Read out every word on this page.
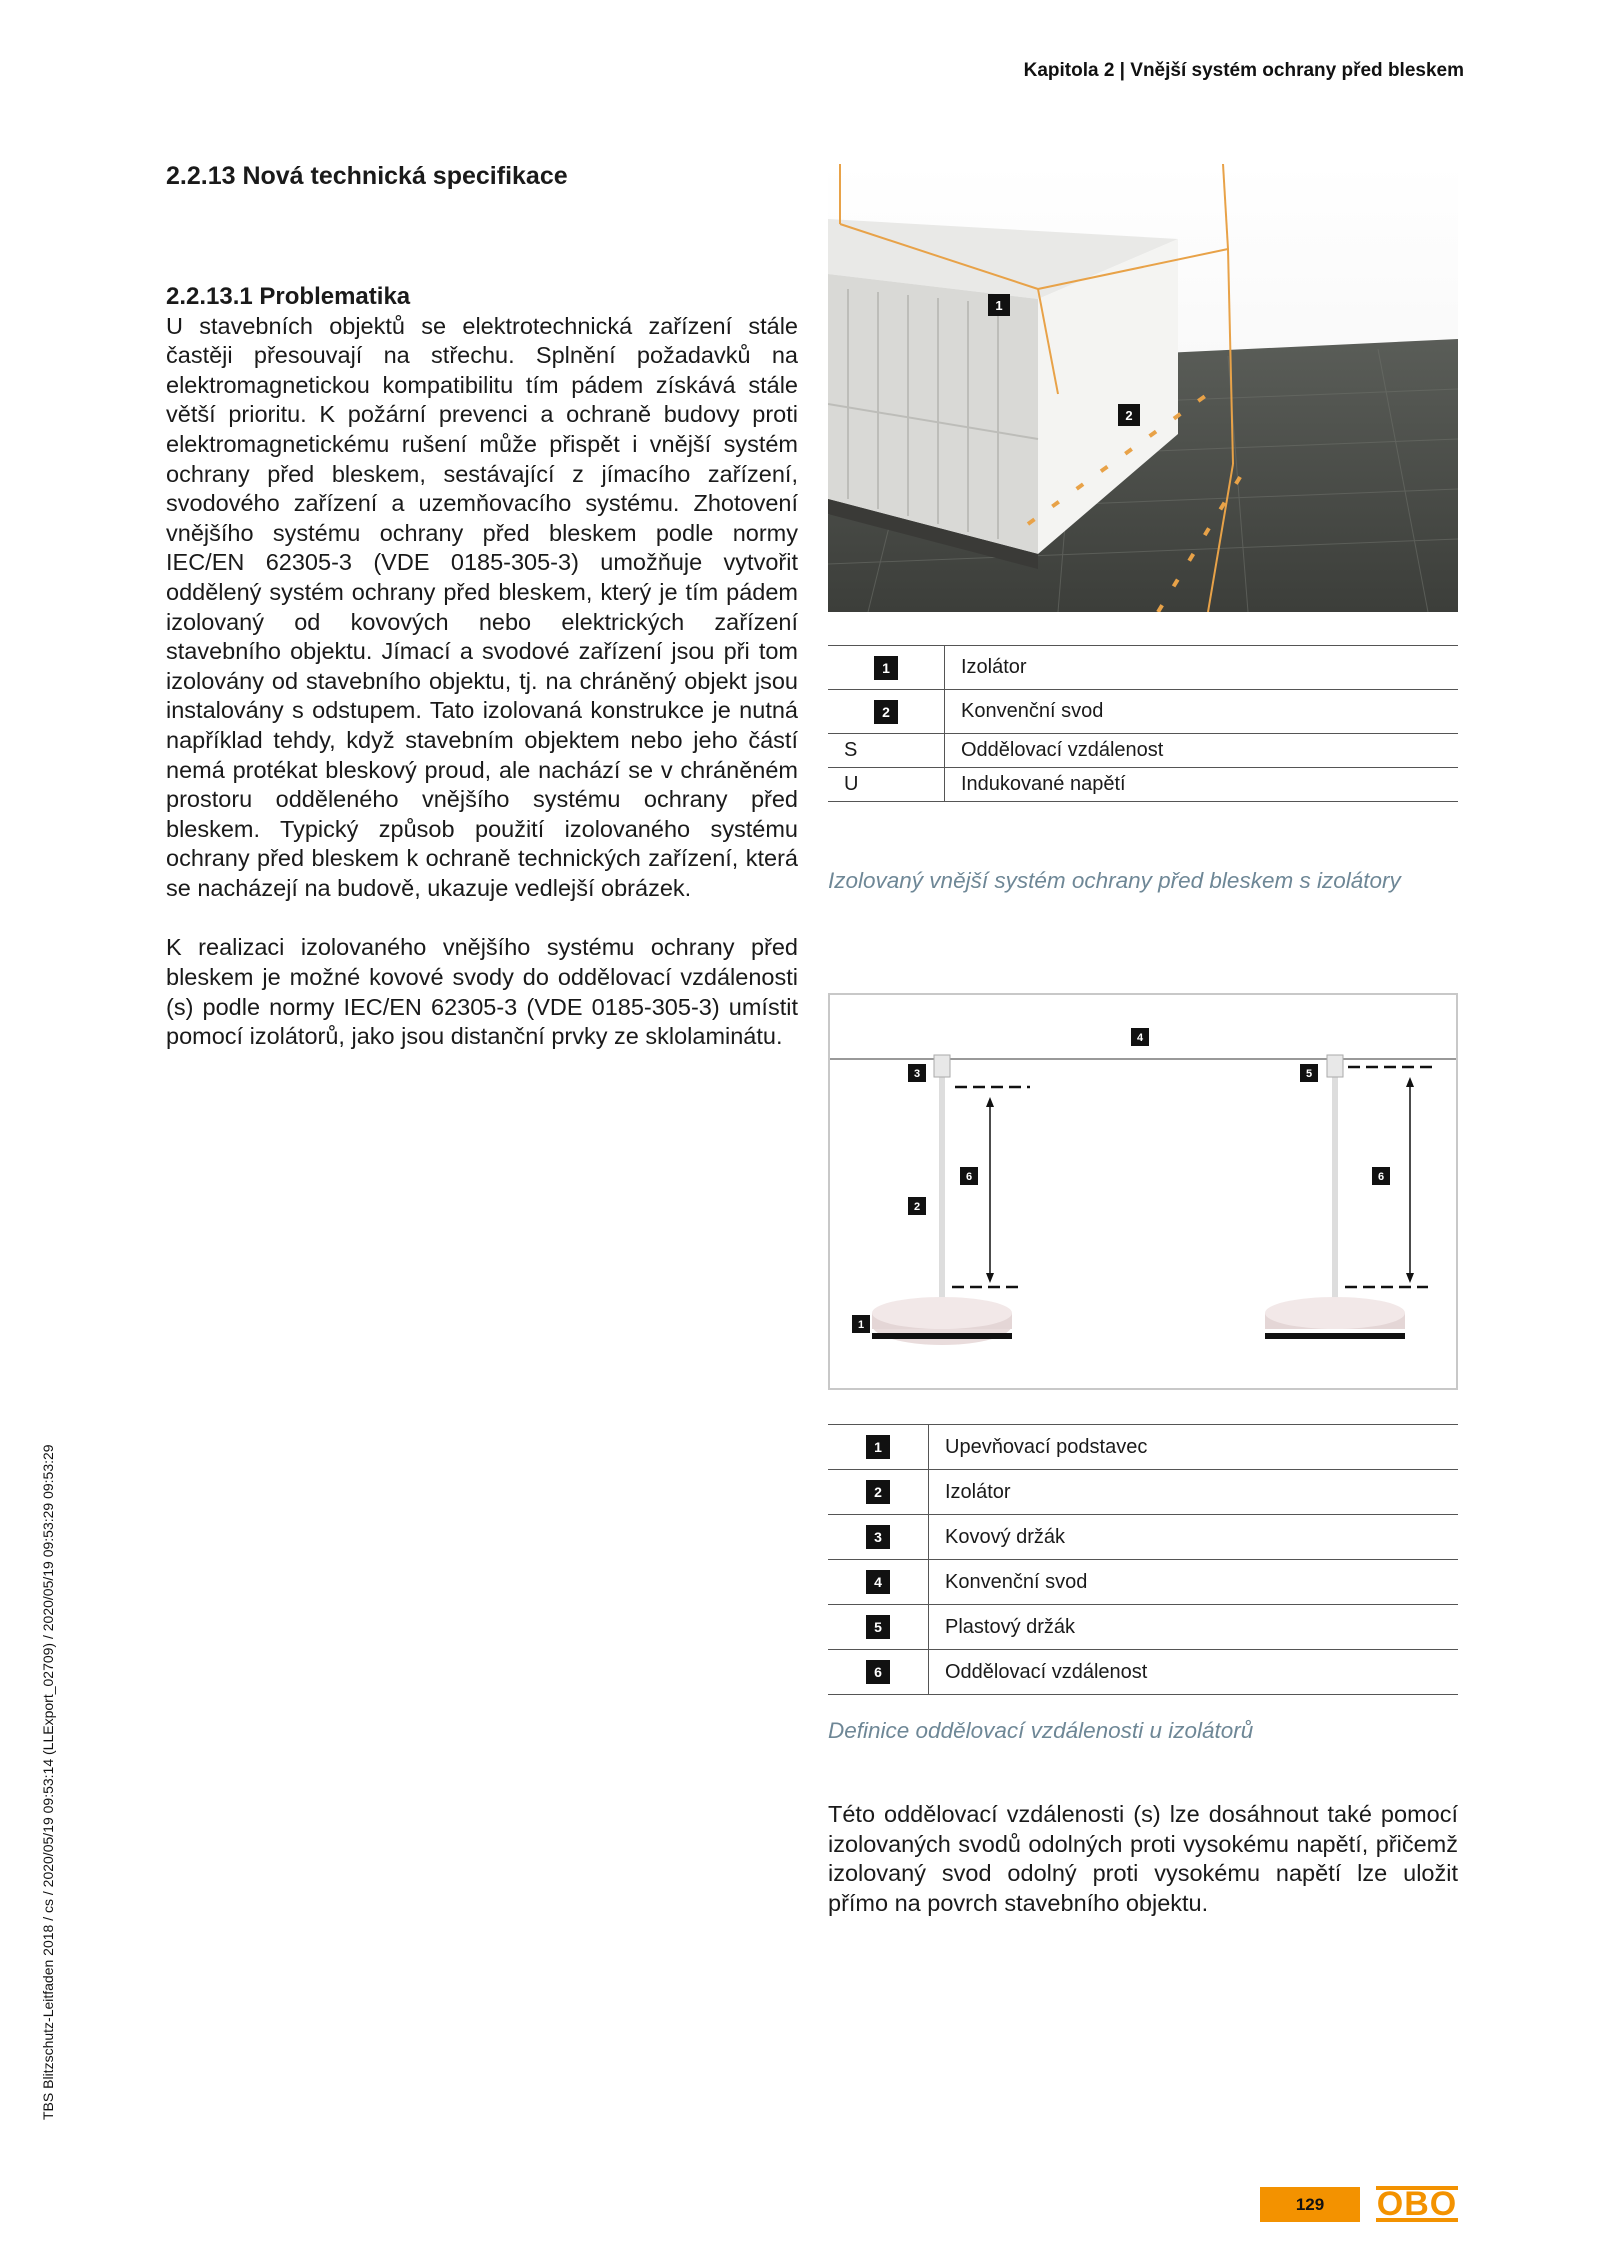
Kapitola 2 | Vnější systém ochrany před bleskem
2.2.13 Nová technická specifikace
2.2.13.1 Problematika

U stavebních objektů se elektrotechnická zařízení stále častěji přesouvají na střechu. Splnění požadavků na elektromagnetickou kompatibilitu tím pádem získává stále větší prioritu. K požární prevenci a ochraně budovy proti elektromagnetickému rušení může přispět i vnější systém ochrany před bleskem, sestávající z jímacího zařízení, svodového zařízení a uzemňovacího systému. Zhotovení vnějšího systému ochrany před bleskem podle normy IEC/EN 62305-3 (VDE 0185-305-3) umožňuje vytvořit oddělený systém ochrany před bleskem, který je tím pádem izolovaný od kovových nebo elektrických zařízení stavebního objektu. Jímací a svodové zařízení jsou při tom izolovány od stavebního objektu, tj. na chráněný objekt jsou instalovány s odstupem. Tato izolovaná konstrukce je nutná například tehdy, když stavebním objektem nebo jeho částí nemá protékat bleskový proud, ale nachází se v chráněném prostoru odděleného vnějšího systému ochrany před bleskem. Typický způsob použití izolovaného systému ochrany před bleskem k ochraně technických zařízení, která se nacházejí na budově, ukazuje vedlejší obrázek.

K realizaci izolovaného vnějšího systému ochrany před bleskem je možné kovové svody do oddělovací vzdálenosti (s) podle normy IEC/EN 62305-3 (VDE 0185-305-3) umístit pomocí izolátorů, jako jsou distanční prvky ze sklolaminátu.

1
2
1	Izolátor
2	Konvenční svod
S	Oddělovací vzdálenost
U	Indukované napětí
Izolovaný vnější systém ochrany před bleskem s izolátory
4
3	5
6	6
2
1
1	Upevňovací podstavec
2	Izolátor
3	Kovový držák
4	Konvenční svod
5	Plastový držák
6	Oddělovací vzdálenost
Definice oddělovací vzdálenosti u izolátorů

Této oddělovací vzdálenosti (s) lze dosáhnout také pomocí izolovaných svodů odolných proti vysokému napětí, přičemž izolovaný svod odolný proti vysokému napětí lze uložit přímo na povrch stavebního objektu.

TBS Blitzschutz-Leitfaden 2018 / cs / 2020/05/19 09:53:14 (LLExport_02709) / 2020/05/19 09:53:29 09:53:29
129	OBO
